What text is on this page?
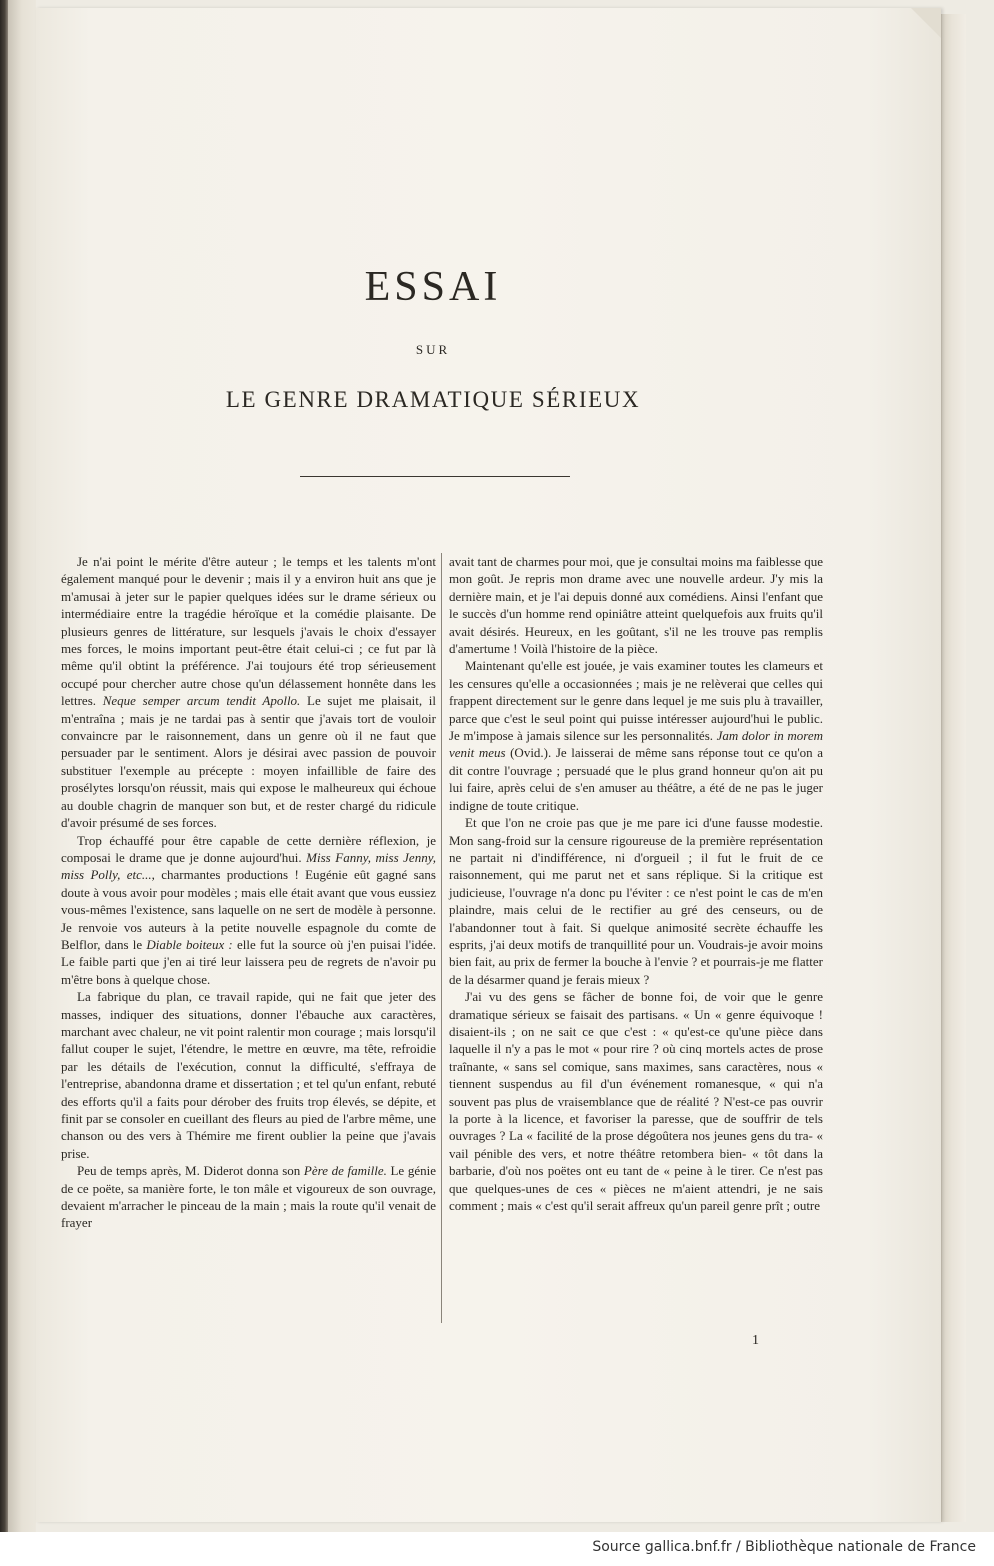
ESSAI
SUR
LE GENRE DRAMATIQUE SÉRIEUX

Je n'ai point le mérite d'être auteur ; le temps et les talents m'ont également manqué pour le devenir ; mais il y a environ huit ans que je m'amusai à jeter sur le papier quelques idées sur le drame sérieux ou intermédiaire entre la tragédie héroïque et la comédie plaisante. De plusieurs genres de littérature, sur lesquels j'avais le choix d'essayer mes forces, le moins important peut-être était celui-ci ; ce fut par là même qu'il obtint la préférence. J'ai toujours été trop sérieusement occupé pour chercher autre chose qu'un délassement honnête dans les lettres. Neque semper arcum tendit Apollo. Le sujet me plaisait, il m'entraîna ; mais je ne tardai pas à sentir que j'avais tort de vouloir convaincre par le raisonnement, dans un genre où il ne faut que persuader par le sentiment. Alors je désirai avec passion de pouvoir substituer l'exemple au précepte : moyen infaillible de faire des prosélytes lorsqu'on réussit, mais qui expose le malheureux qui échoue au double chagrin de manquer son but, et de rester chargé du ridicule d'avoir présumé de ses forces.

Trop échauffé pour être capable de cette dernière réflexion, je composai le drame que je donne aujourd'hui. Miss Fanny, miss Jenny, miss Polly, etc..., charmantes productions ! Eugénie eût gagné sans doute à vous avoir pour modèles ; mais elle était avant que vous eussiez vous-mêmes l'existence, sans laquelle on ne sert de modèle à personne. Je renvoie vos auteurs à la petite nouvelle espagnole du comte de Belflor, dans le Diable boiteux : elle fut la source où j'en puisai l'idée. Le faible parti que j'en ai tiré leur laissera peu de regrets de n'avoir pu m'être bons à quelque chose.

La fabrique du plan, ce travail rapide, qui ne fait que jeter des masses, indiquer des situations, donner l'ébauche aux caractères, marchant avec chaleur, ne vit point ralentir mon courage ; mais lorsqu'il fallut couper le sujet, l'étendre, le mettre en œuvre, ma tête, refroidie par les détails de l'exécution, connut la difficulté, s'effraya de l'entreprise, abandonna drame et dissertation ; et tel qu'un enfant, rebuté des efforts qu'il a faits pour dérober des fruits trop élevés, se dépite, et finit par se consoler en cueillant des fleurs au pied de l'arbre même, une chanson ou des vers à Thémire me firent oublier la peine que j'avais prise.

Peu de temps après, M. Diderot donna son Père de famille. Le génie de ce poëte, sa manière forte, le ton mâle et vigoureux de son ouvrage, devaient m'arracher le pinceau de la main ; mais la route qu'il venait de frayer

avait tant de charmes pour moi, que je consultai moins ma faiblesse que mon goût. Je repris mon drame avec une nouvelle ardeur. J'y mis la dernière main, et je l'ai depuis donné aux comédiens. Ainsi l'enfant que le succès d'un homme rend opiniâtre atteint quelquefois aux fruits qu'il avait désirés. Heureux, en les goûtant, s'il ne les trouve pas remplis d'amertume ! Voilà l'histoire de la pièce.

Maintenant qu'elle est jouée, je vais examiner toutes les clameurs et les censures qu'elle a occasionnées ; mais je ne relèverai que celles qui frappent directement sur le genre dans lequel je me suis plu à travailler, parce que c'est le seul point qui puisse intéresser aujourd'hui le public. Je m'impose à jamais silence sur les personnalités. Jam dolor in morem venit meus (Ovid.). Je laisserai de même sans réponse tout ce qu'on a dit contre l'ouvrage ; persuadé que le plus grand honneur qu'on ait pu lui faire, après celui de s'en amuser au théâtre, a été de ne pas le juger indigne de toute critique.

Et que l'on ne croie pas que je me pare ici d'une fausse modestie. Mon sang-froid sur la censure rigoureuse de la première représentation ne partait ni d'indifférence, ni d'orgueil ; il fut le fruit de ce raisonnement, qui me parut net et sans réplique. Si la critique est judicieuse, l'ouvrage n'a donc pu l'éviter : ce n'est point le cas de m'en plaindre, mais celui de le rectifier au gré des censeurs, ou de l'abandonner tout à fait. Si quelque animosité secrète échauffe les esprits, j'ai deux motifs de tranquillité pour un. Voudrais-je avoir moins bien fait, au prix de fermer la bouche à l'envie ? et pourrais-je me flatter de la désarmer quand je ferais mieux ?

J'ai vu des gens se fâcher de bonne foi, de voir que le genre dramatique sérieux se faisait des partisans. « Un « genre équivoque ! disaient-ils ; on ne sait ce que c'est : « qu'est-ce qu'une pièce dans laquelle il n'y a pas le mot « pour rire ? où cinq mortels actes de prose traînante, « sans sel comique, sans maximes, sans caractères, nous « tiennent suspendus au fil d'un événement romanesque, « qui n'a souvent pas plus de vraisemblance que de réalité ? N'est-ce pas ouvrir la porte à la licence, et favoriser la paresse, que de souffrir de tels ouvrages ? La « facilité de la prose dégoûtera nos jeunes gens du tra- « vail pénible des vers, et notre théâtre retombera bien- « tôt dans la barbarie, d'où nos poëtes ont eu tant de « peine à le tirer. Ce n'est pas que quelques-unes de ces « pièces ne m'aient attendri, je ne sais comment ; mais « c'est qu'il serait affreux qu'un pareil genre prît ; outre

1
Source gallica.bnf.fr / Bibliothèque nationale de France
